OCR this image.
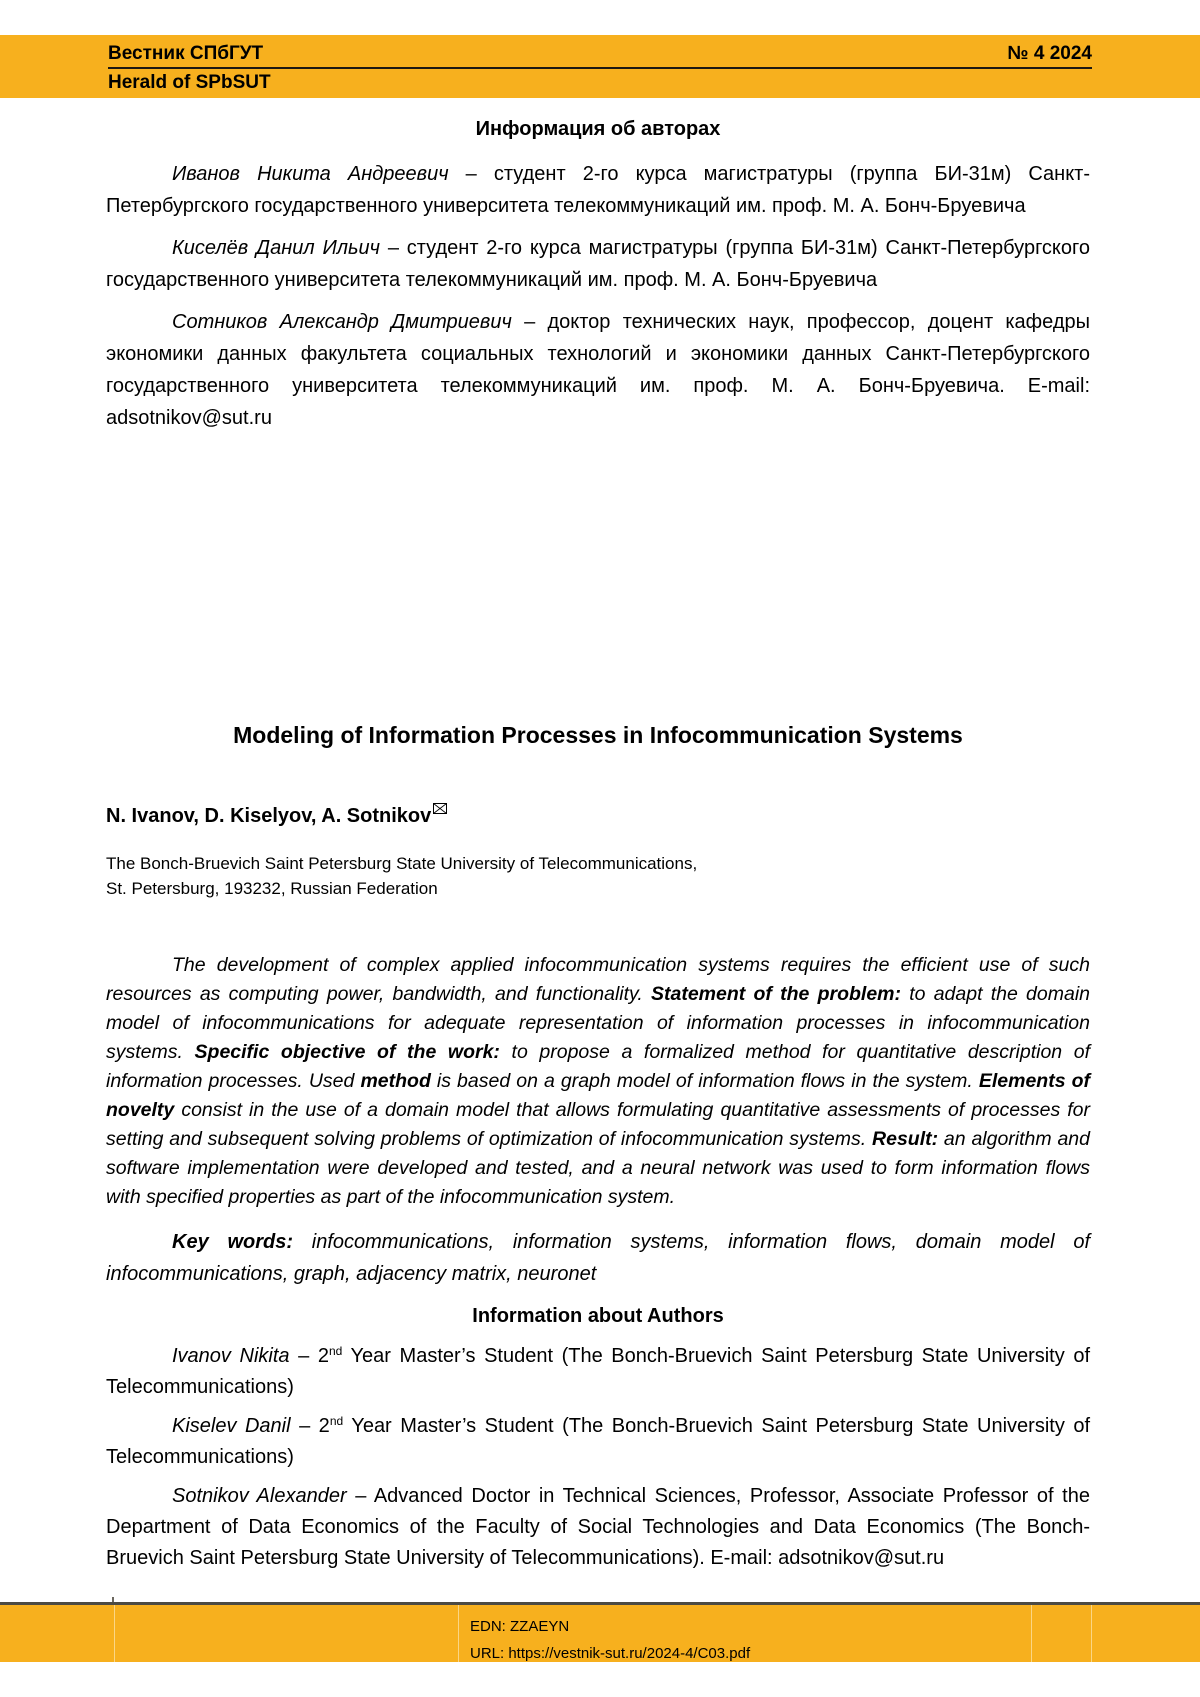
Вестник СПбГУТ	№ 4 2024
Herald of SPbSUT
Информация об авторах

Иванов Никита Андреевич – студент 2-го курса магистратуры (группа БИ-31м) Санкт-Петербургского государственного университета телекоммуникаций им. проф. М. А. Бонч-Бруевича

Киселёв Данил Ильич – студент 2-го курса магистратуры (группа БИ-31м) Санкт-Петербургского государственного университета телекоммуникаций им. проф. М. А. Бонч-Бруевича

Сотников Александр Дмитриевич – доктор технических наук, профессор, доцент кафедры экономики данных факультета социальных технологий и экономики данных Санкт-Петербургского государственного университета телекоммуникаций им. проф. М. А. Бонч-Бруевича. E-mail: adsotnikov@sut.ru

Modeling of Information Processes in Infocommunication Systems
N. Ivanov, D. Kiselyov, A. Sotnikov
The Bonch-Bruevich Saint Petersburg State University of Telecommunications,
St. Petersburg, 193232, Russian Federation

The development of complex applied infocommunication systems requires the efficient use of such resources as computing power, bandwidth, and functionality. Statement of the problem: to adapt the domain model of infocommunications for adequate representation of information processes in infocommunication systems. Specific objective of the work: to propose a formalized method for quantitative description of information processes. Used method is based on a graph model of information flows in the system. Elements of novelty consist in the use of a domain model that allows formulating quantitative assessments of processes for setting and subsequent solving problems of optimization of infocommunication systems. Result: an algorithm and software implementation were developed and tested, and a neural network was used to form information flows with specified properties as part of the infocommunication system.

Key words: infocommunications, information systems, information flows, domain model of infocommunications, graph, adjacency matrix, neuronet

Information about Authors

Ivanov Nikita – 2nd Year Master’s Student (The Bonch-Bruevich Saint Petersburg State University of Telecommunications)

Kiselev Danil – 2nd Year Master’s Student (The Bonch-Bruevich Saint Petersburg State University of Telecommunications)

Sotnikov Alexander – Advanced Doctor in Technical Sciences, Professor, Associate Professor of the Department of Data Economics of the Faculty of Social Technologies and Data Economics (The Bonch-Bruevich Saint Petersburg State University of Telecommunications). E-mail: adsotnikov@sut.ru

EDN: ZZAEYN
URL: https://vestnik-sut.ru/2024-4/C03.pdf
